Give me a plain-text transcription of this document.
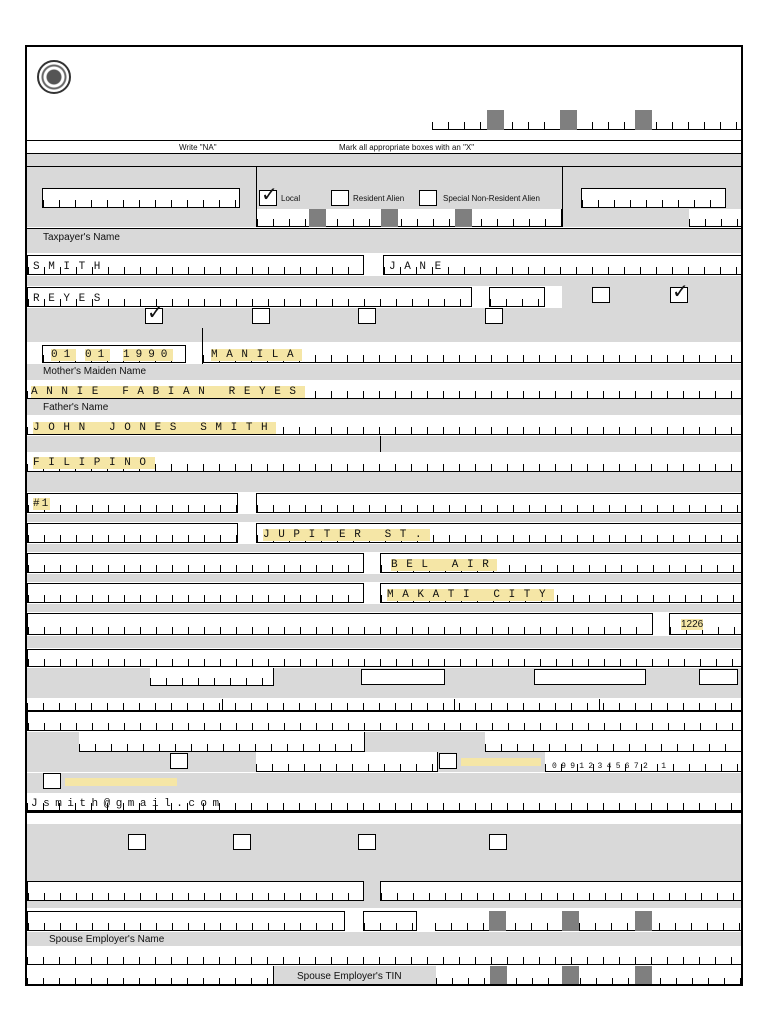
Write "NA"	Mark all appropriate boxes with an "X"
✓ Local	Resident Alien	Special Non-Resident Alien
Taxpayer's Name
SMITH	JANE
REYES	✓
✓
01 01 1990	MANILA
Mother's Maiden Name
ANNIE FABIAN REYES
Father's Name
JOHN JONES SMITH
FILIPINO
#1
JUPITER ST.
BEL AIR
MAKATI CITY
1226
09912345672 1
Jsmith@gmail.com
Spouse Employer's Name
Spouse Employer's TIN
